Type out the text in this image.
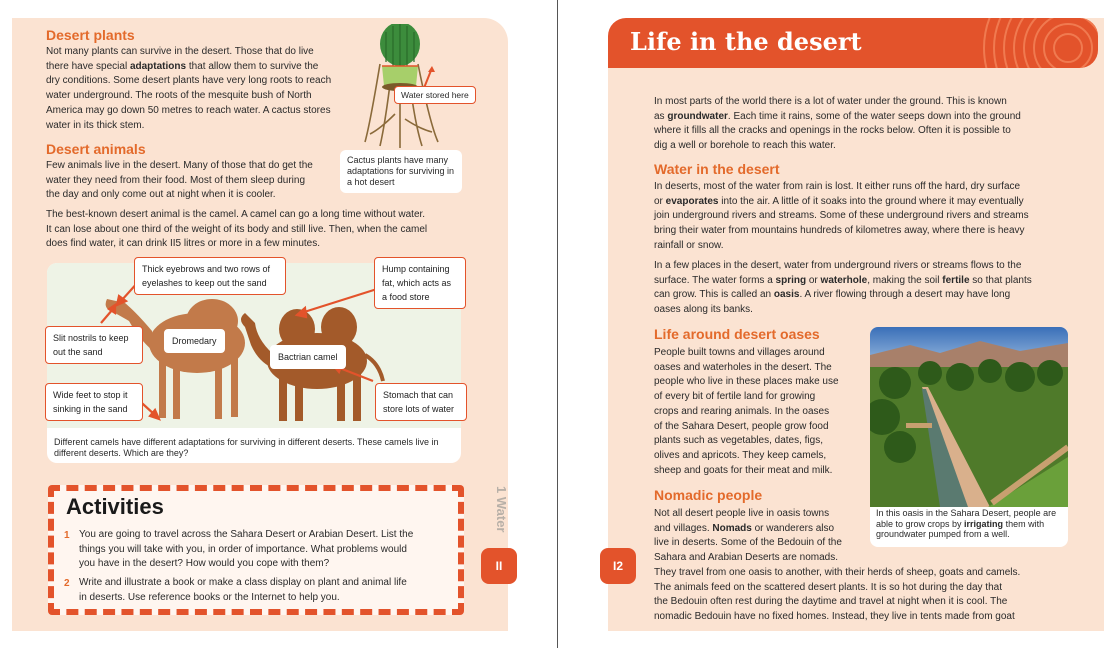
Desert plants
Not many plants can survive in the desert. Those that do live
there have special adaptations that allow them to survive the
dry conditions. Some desert plants have very long roots to reach
water underground. The roots of the mesquite bush of North
America may go down 50 metres to reach water. A cactus stores
water in its thick stem.
Water stored here
Cactus plants have many adaptations for surviving in a hot desert
Desert animals
Few animals live in the desert. Many of those that do get the
water they need from their food. Most of them sleep during
the day and only come out at night when it is cooler.
The best-known desert animal is the camel. A camel can go a long time without water.
It can lose about one third of the weight of its body and still live. Then, when the camel
does find water, it can drink II5 litres or more in a few minutes.
Thick eyebrows and two rows of eyelashes to keep out the sand
Hump containing fat, which acts as a food store
Slit nostrils to keep out the sand
Dromedary
Bactrian camel
Wide feet to stop it sinking in the sand
Stomach that can store lots of water
Different camels have different adaptations for surviving in different deserts. These camels live in different deserts. Which are they?
Activities
1 You are going to travel across the Sahara Desert or Arabian Desert. List the
things you will take with you, in order of importance. What problems would
you have in the desert? How would you cope with them?
2 Write and illustrate a book or make a class display on plant and animal life
in deserts. Use reference books or the Internet to help you.
1 Water
II
Life in the desert
In most parts of the world there is a lot of water under the ground. This is known
as groundwater. Each time it rains, some of the water seeps down into the ground
where it fills all the cracks and openings in the rocks below. Often it is possible to
dig a well or borehole to reach this water.
Water in the desert
In deserts, most of the water from rain is lost. It either runs off the hard, dry surface
or evaporates into the air. A little of it soaks into the ground where it may eventually
join underground rivers and streams. Some of these underground rivers and streams
bring their water from mountains hundreds of kilometres away, where there is heavy
rainfall or snow.
In a few places in the desert, water from underground rivers or streams flows to the
surface. The water forms a spring or waterhole, making the soil fertile so that plants
can grow. This is called an oasis. A river flowing through a desert may have long
oases along its banks.
Life around desert oases
People built towns and villages around
oases and waterholes in the desert. The
people who live in these places make use
of every bit of fertile land for growing
crops and rearing animals. In the oases
of the Sahara Desert, people grow food
plants such as vegetables, dates, figs,
olives and apricots. They keep camels,
sheep and goats for their meat and milk.
In this oasis in the Sahara Desert, people are able to grow crops by irrigating them with groundwater pumped from a well.
Nomadic people
Not all desert people live in oasis towns
and villages. Nomads or wanderers also
live in deserts. Some of the Bedouin of the
Sahara and Arabian Deserts are nomads.
They travel from one oasis to another, with their herds of sheep, goats and camels.
The animals feed on the scattered desert plants. It is so hot during the day that
the Bedouin often rest during the daytime and travel at night when it is cool. The
nomadic Bedouin have no fixed homes. Instead, they live in tents made from goat
I2
